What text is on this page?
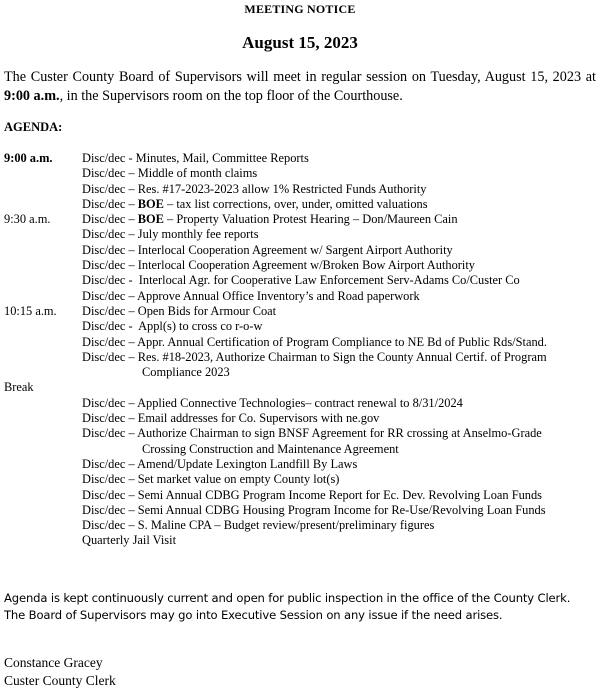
MEETING NOTICE
August 15, 2023
The Custer County Board of Supervisors will meet in regular session on Tuesday, August 15, 2023 at 9:00 a.m., in the Supervisors room on the top floor of the Courthouse.
AGENDA:
9:00 a.m.	Disc/dec - Minutes, Mail, Committee Reports
Disc/dec – Middle of month claims
Disc/dec – Res. #17-2023-2023 allow 1% Restricted Funds Authority
Disc/dec – BOE – tax list corrections, over, under, omitted valuations
9:30 a.m.	Disc/dec – BOE – Property Valuation Protest Hearing – Don/Maureen Cain
Disc/dec – July monthly fee reports
Disc/dec – Interlocal Cooperation Agreement w/ Sargent Airport Authority
Disc/dec – Interlocal Cooperation Agreement w/Broken Bow Airport Authority
Disc/dec -  Interlocal Agr. for Cooperative Law Enforcement Serv-Adams Co/Custer Co
Disc/dec – Approve Annual Office Inventory’s and Road paperwork
10:15 a.m.	Disc/dec – Open Bids for Armour Coat
Disc/dec -  Appl(s) to cross co r-o-w
Disc/dec – Appr. Annual Certification of Program Compliance to NE Bd of Public Rds/Stand.
Disc/dec – Res. #18-2023, Authorize Chairman to Sign the County Annual Certif. of Program
Compliance 2023
Break
Disc/dec – Applied Connective Technologies– contract renewal to 8/31/2024
Disc/dec – Email addresses for Co. Supervisors with ne.gov
Disc/dec – Authorize Chairman to sign BNSF Agreement for RR crossing at Anselmo-Grade
Crossing Construction and Maintenance Agreement
Disc/dec – Amend/Update Lexington Landfill By Laws
Disc/dec – Set market value on empty County lot(s)
Disc/dec – Semi Annual CDBG Program Income Report for Ec. Dev. Revolving Loan Funds
Disc/dec – Semi Annual CDBG Housing Program Income for Re-Use/Revolving Loan Funds
Disc/dec – S. Maline CPA – Budget review/present/preliminary figures
Quarterly Jail Visit
Agenda is kept continuously current and open for public inspection in the office of the County Clerk.
The Board of Supervisors may go into Executive Session on any issue if the need arises.
Constance Gracey
Custer County Clerk
